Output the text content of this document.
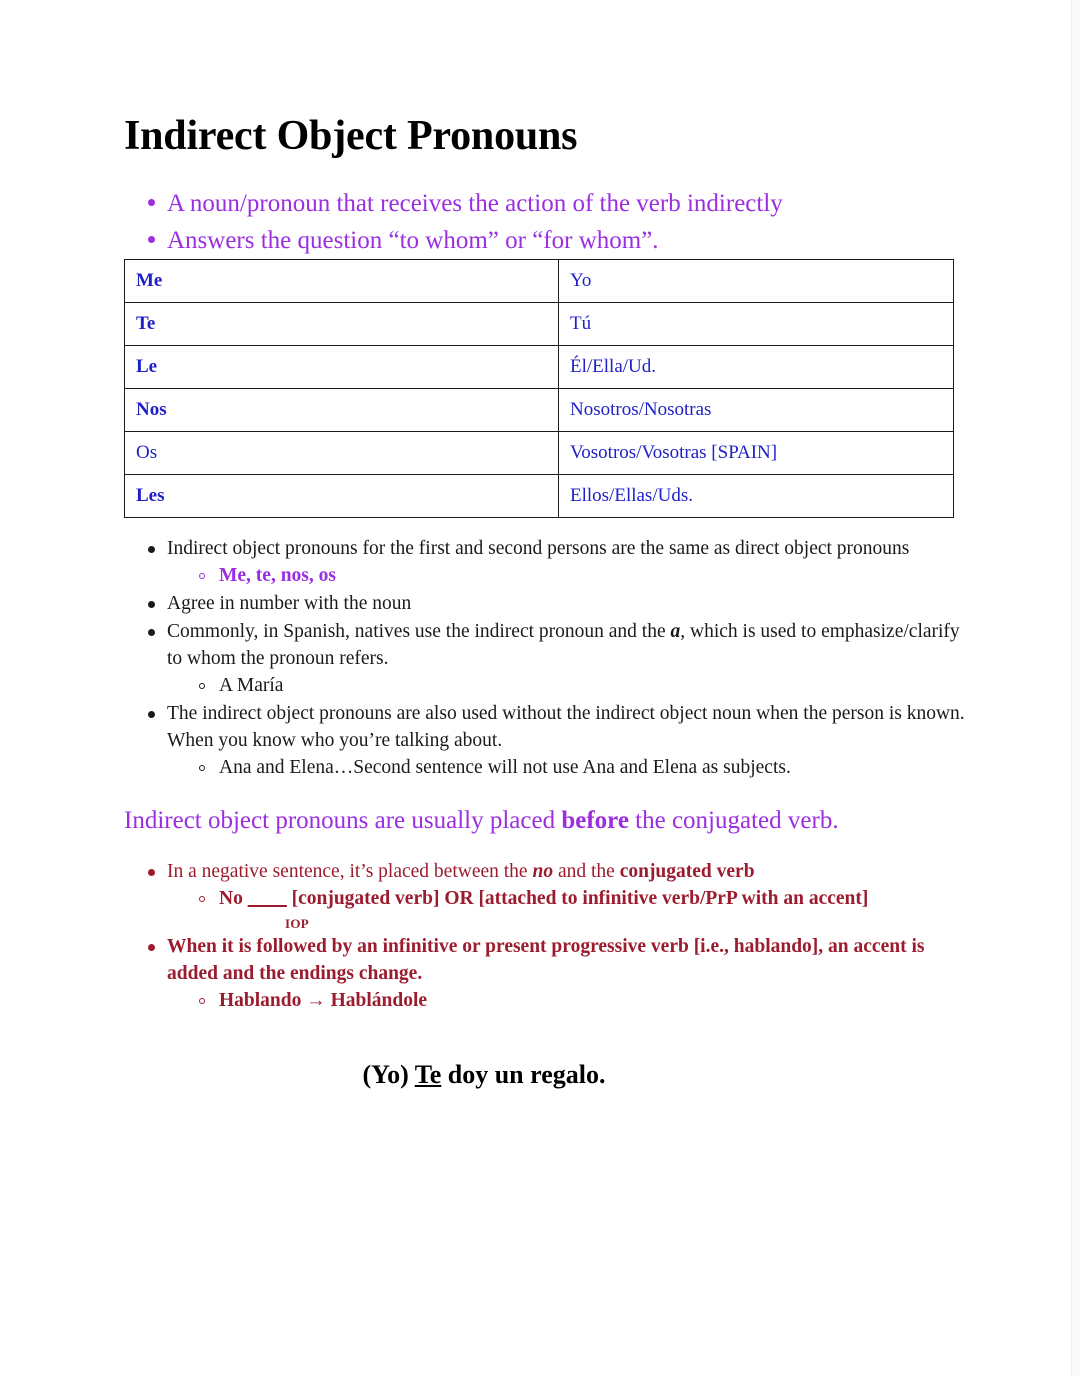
Indirect Object Pronouns
A noun/pronoun that receives the action of the verb indirectly
Answers the question “to whom” or “for whom”.
Me	Yo
Te	Tú
Le	Él/Ella/Ud.
Nos	Nosotros/Nosotras
Os	Vosotros/Vosotras [SPAIN]
Les	Ellos/Ellas/Uds.
Indirect object pronouns for the first and second persons are the same as direct object pronouns
Me, te, nos, os
Agree in number with the noun
Commonly, in Spanish, natives use the indirect pronoun and the a, which is used to emphasize/clarify to whom the pronoun refers.
A María
The indirect object pronouns are also used without the indirect object noun when the person is known. When you know who you’re talking about.
Ana and Elena…Second sentence will not use Ana and Elena as subjects.

Indirect object pronouns are usually placed before the conjugated verb.

In a negative sentence, it’s placed between the no and the conjugated verb
No ____ [conjugated verb] OR [attached to infinitive verb/PrP with an accent]
IOP
When it is followed by an infinitive or present progressive verb [i.e., hablando], an accent is added and the endings change.
Hablando → Hablándole

(Yo) Te doy un regalo.
